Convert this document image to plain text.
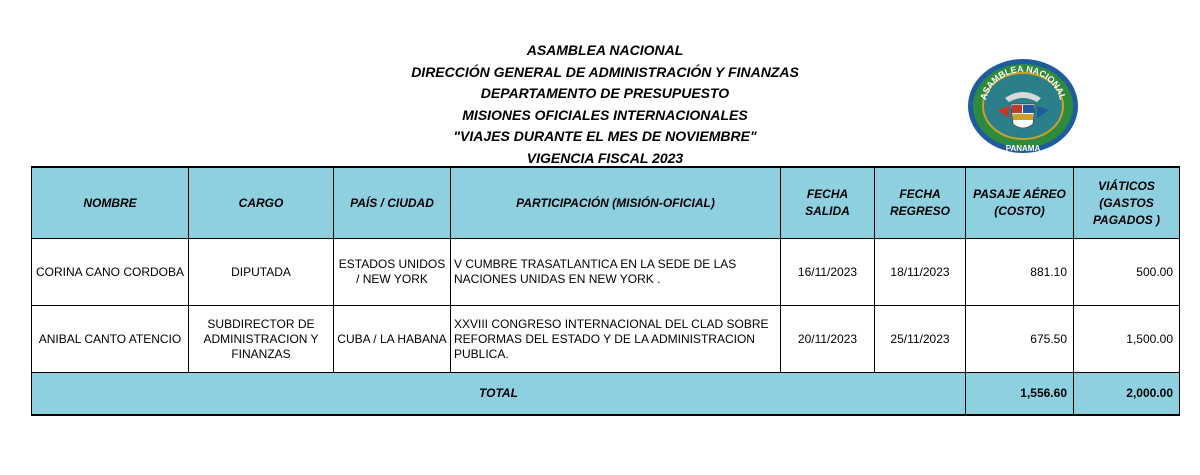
ASAMBLEA NACIONAL
DIRECCIÓN GENERAL DE ADMINISTRACIÓN Y FINANZAS
DEPARTAMENTO DE PRESUPUESTO
MISIONES OFICIALES INTERNACIONALES
"VIAJES DURANTE EL MES DE NOVIEMBRE"
VIGENCIA FISCAL 2023
ASAMBLEA NACIONAL
PANAMA
NOMBRE	CARGO	PAÍS / CIUDAD	PARTICIPACIÓN (MISIÓN-OFICIAL)	FECHA SALIDA	FECHA REGRESO	PASAJE AÉREO (COSTO)	VIÁTICOS (GASTOS PAGADOS )
CORINA CANO CORDOBA	DIPUTADA	ESTADOS UNIDOS / NEW YORK	V CUMBRE TRASATLANTICA EN LA SEDE DE LAS NACIONES UNIDAS EN NEW YORK .	16/11/2023	18/11/2023	881.10	500.00
ANIBAL CANTO ATENCIO	SUBDIRECTOR DE ADMINISTRACION Y FINANZAS	CUBA / LA HABANA	XXVIII CONGRESO INTERNACIONAL DEL CLAD SOBRE REFORMAS DEL ESTADO Y DE LA ADMINISTRACION PUBLICA.	20/11/2023	25/11/2023	675.50	1,500.00
TOTAL						1,556.60	2,000.00
